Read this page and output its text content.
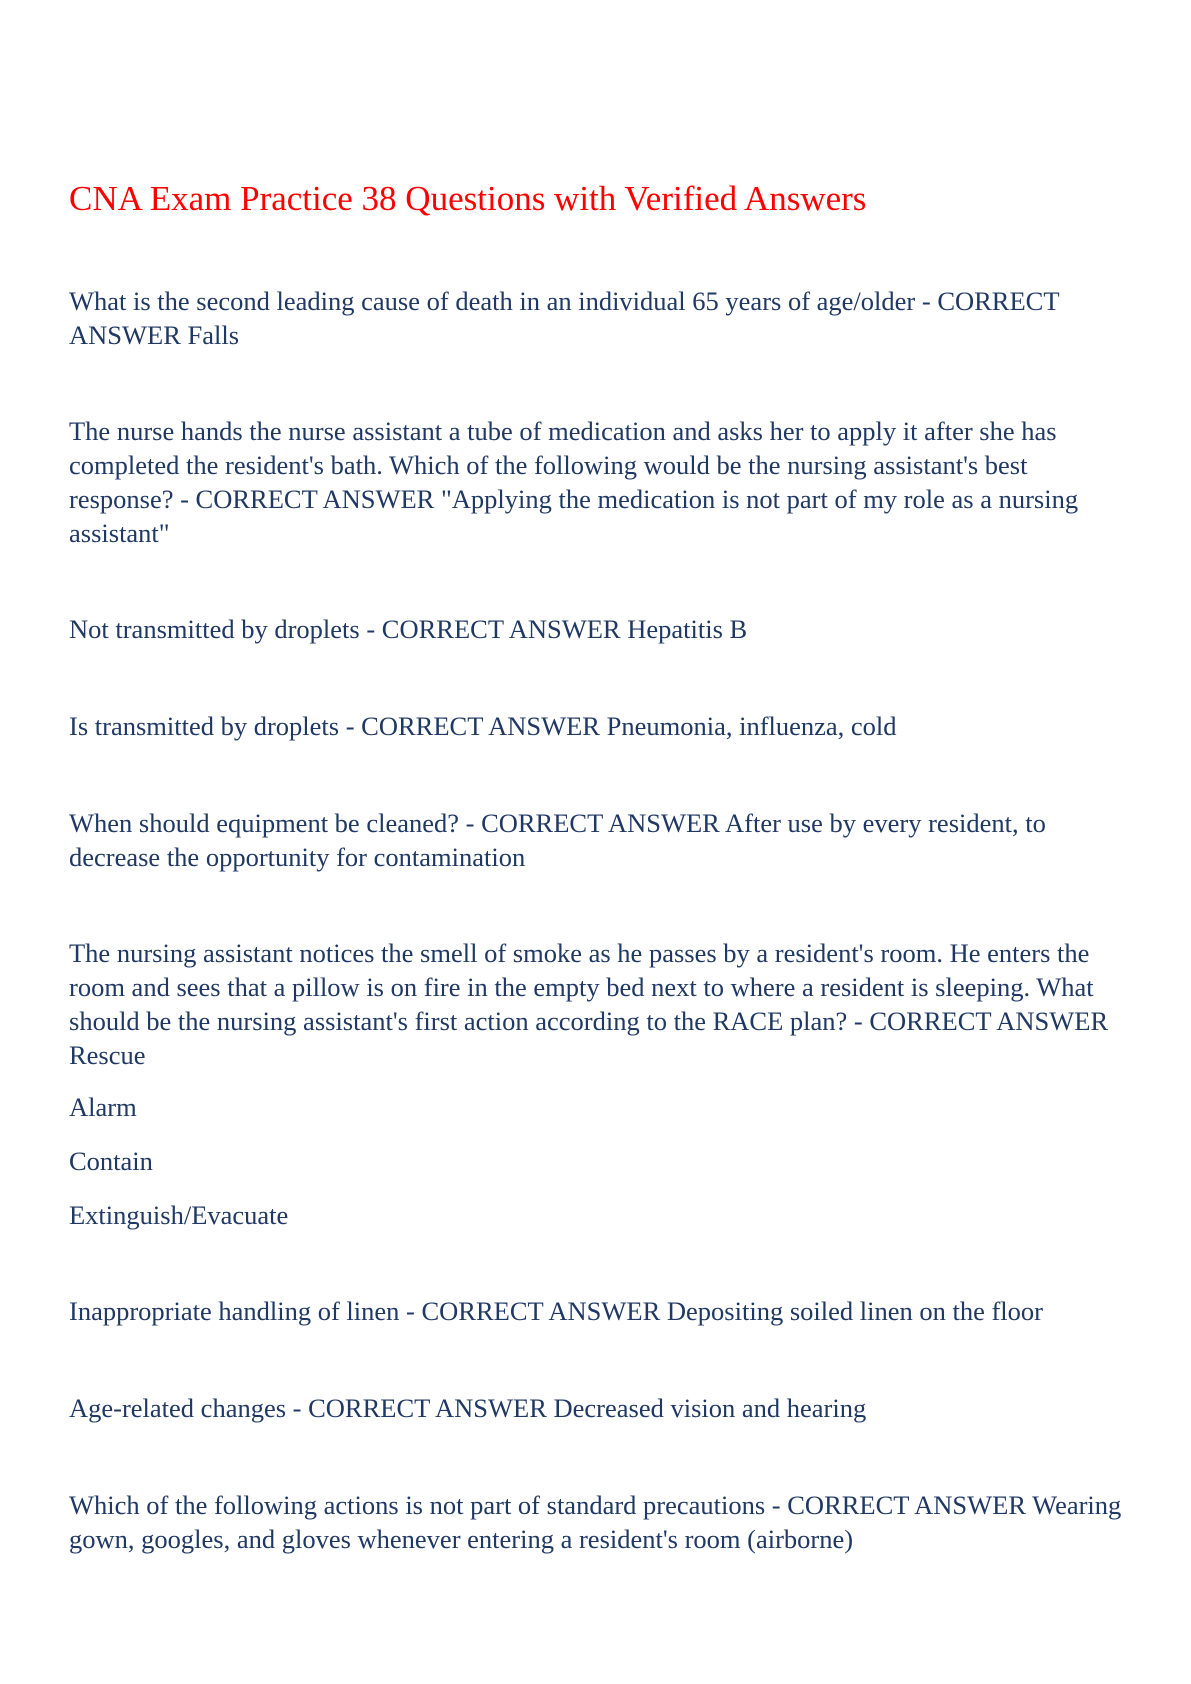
CNA Exam Practice 38 Questions with Verified Answers

What is the second leading cause of death in an individual 65 years of age/older - CORRECT ANSWER Falls

The nurse hands the nurse assistant a tube of medication and asks her to apply it after she has completed the resident's bath. Which of the following would be the nursing assistant's best response? - CORRECT ANSWER "Applying the medication is not part of my role as a nursing assistant"

Not transmitted by droplets - CORRECT ANSWER Hepatitis B

Is transmitted by droplets - CORRECT ANSWER Pneumonia, influenza, cold

When should equipment be cleaned? - CORRECT ANSWER After use by every resident, to decrease the opportunity for contamination

The nursing assistant notices the smell of smoke as he passes by a resident's room. He enters the room and sees that a pillow is on fire in the empty bed next to where a resident is sleeping. What should be the nursing assistant's first action according to the RACE plan? - CORRECT ANSWER Rescue

Alarm

Contain

Extinguish/Evacuate

Inappropriate handling of linen - CORRECT ANSWER Depositing soiled linen on the floor

Age-related changes - CORRECT ANSWER Decreased vision and hearing

Which of the following actions is not part of standard precautions - CORRECT ANSWER Wearing gown, googles, and gloves whenever entering a resident's room (airborne)
